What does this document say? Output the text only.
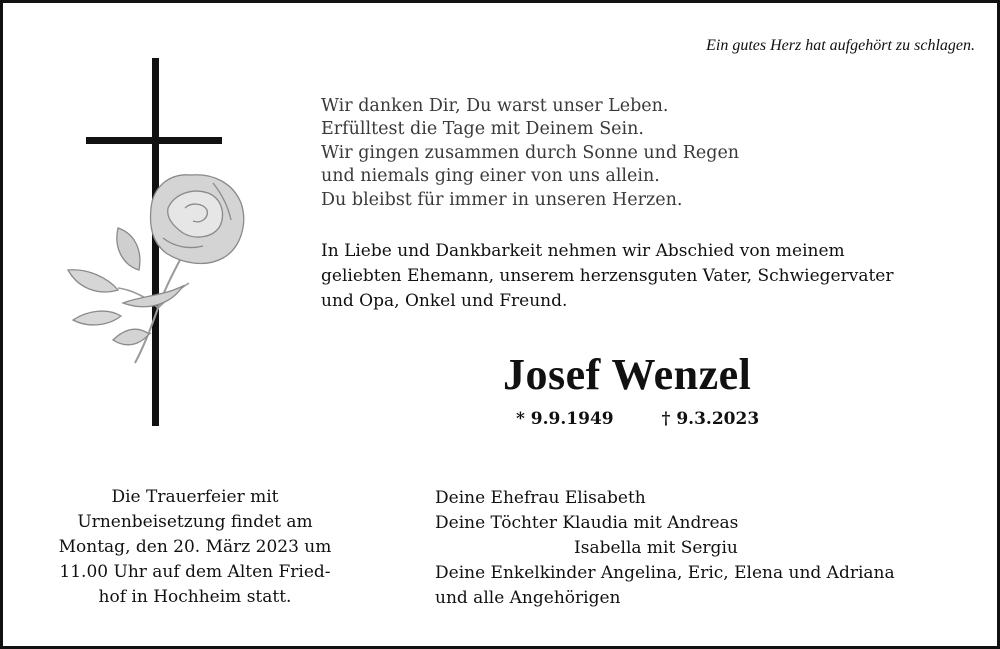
Ein gutes Herz hat aufgehört zu schlagen.
Wir danken Dir, Du warst unser Leben.
Erfülltest die Tage mit Deinem Sein.
Wir gingen zusammen durch Sonne und Regen
und niemals ging einer von uns allein.
Du bleibst für immer in unseren Herzen.
In Liebe und Dankbarkeit nehmen wir Abschied von meinem
geliebten Ehemann, unserem herzensguten Vater, Schwiegervater
und Opa, Onkel und Freund.
Josef Wenzel
* 9.9.1949	† 9.3.2023
Die Trauerfeier mit
Urnenbeisetzung findet am
Montag, den 20. März 2023 um
11.00 Uhr auf dem Alten Fried-
hof in Hochheim statt.
Deine Ehefrau Elisabeth
Deine Töchter Klaudia mit Andreas
Isabella mit Sergiu
Deine Enkelkinder Angelina, Eric, Elena und Adriana
und alle Angehörigen
